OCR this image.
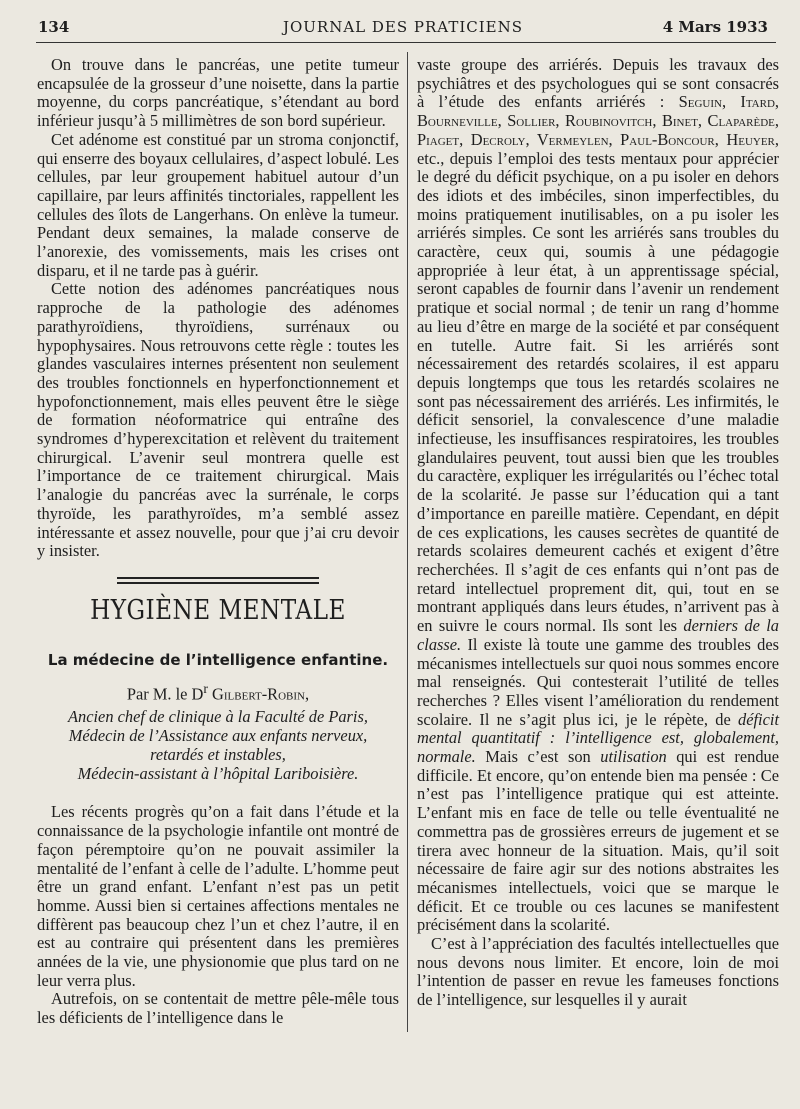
134	JOURNAL DES PRATICIENS	4 Mars 1933

On trouve dans le pancréas, une petite tumeur encapsulée de la grosseur d’une noisette, dans la partie moyenne, du corps pancréatique, s’étendant au bord inférieur jusqu’à 5 millimètres de son bord supérieur.

Cet adénome est constitué par un stroma conjonctif, qui enserre des boyaux cellulaires, d’aspect lobulé. Les cellules, par leur groupement habituel autour d’un capillaire, par leurs affinités tinctoriales, rappellent les cellules des îlots de Langerhans. On enlève la tumeur. Pendant deux semaines, la malade conserve de l’anorexie, des vomissements, mais les crises ont disparu, et il ne tarde pas à guérir.

Cette notion des adénomes pancréatiques nous rapproche de la pathologie des adénomes parathyroïdiens, thyroïdiens, surrénaux ou hypophysaires. Nous retrouvons cette règle : toutes les glandes vasculaires internes présentent non seulement des troubles fonctionnels en hyperfonctionnement et hypofonctionnement, mais elles peuvent être le siège de formation néoformatrice qui entraîne des syndromes d’hyperexcitation et relèvent du traitement chirurgical. L’avenir seul montrera quelle est l’importance de ce traitement chirurgical. Mais l’analogie du pancréas avec la surrénale, le corps thyroïde, les parathyroïdes, m’a semblé assez intéressante et assez nouvelle, pour que j’ai cru devoir y insister.

HYGIÈNE MENTALE
La médecine de l’intelligence enfantine.
Par M. le $D^r$ Gilbert-Robin,
Ancien chef de clinique à la Faculté de Paris,
Médecin de l’Assistance aux enfants nerveux,
retardés et instables,
Médecin-assistant à l’hôpital Lariboisière.

Les récents progrès qu’on a fait dans l’étude et la connaissance de la psychologie infantile ont montré de façon péremptoire qu’on ne pouvait assimiler la mentalité de l’enfant à celle de l’adulte. L’homme peut être un grand enfant. L’enfant n’est pas un petit homme. Aussi bien si certaines affections mentales ne diffèrent pas beaucoup chez l’un et chez l’autre, il en est au contraire qui présentent dans les premières années de la vie, une physionomie que plus tard on ne leur verra plus.

Autrefois, on se contentait de mettre pêle-mêle tous les déficients de l’intelligence dans le

vaste groupe des arriérés. Depuis les travaux des psychiâtres et des psychologues qui se sont consacrés à l’étude des enfants arriérés : Seguin, Itard, Bourneville, Sollier, Roubinovitch, Binet, Claparède, Piaget, Decroly, Vermeylen, Paul-Boncour, Heuyer, etc., depuis l’emploi des tests mentaux pour apprécier le degré du déficit psychique, on a pu isoler en dehors des idiots et des imbéciles, sinon imperfectibles, du moins pratiquement inutilisables, on a pu isoler les arriérés simples. Ce sont les arriérés sans troubles du caractère, ceux qui, soumis à une pédagogie appropriée à leur état, à un apprentissage spécial, seront capables de fournir dans l’avenir un rendement pratique et social normal ; de tenir un rang d’homme au lieu d’être en marge de la société et par conséquent en tutelle. Autre fait. Si les arriérés sont nécessairement des retardés scolaires, il est apparu depuis longtemps que tous les retardés scolaires ne sont pas nécessairement des arriérés. Les infirmités, le déficit sensoriel, la convalescence d’une maladie infectieuse, les insuffisances respiratoires, les troubles glandulaires peuvent, tout aussi bien que les troubles du caractère, expliquer les irrégularités ou l’échec total de la scolarité. Je passe sur l’éducation qui a tant d’importance en pareille matière. Cependant, en dépit de ces explications, les causes secrètes de quantité de retards scolaires demeurent cachés et exigent d’être recherchées. Il s’agit de ces enfants qui n’ont pas de retard intellectuel proprement dit, qui, tout en se montrant appliqués dans leurs études, n’arrivent pas à en suivre le cours normal. Ils sont les derniers de la classe. Il existe là toute une gamme des troubles des mécanismes intellectuels sur quoi nous sommes encore mal renseignés. Qui contesterait l’utilité de telles recherches ? Elles visent l’amélioration du rendement scolaire. Il ne s’agit plus ici, je le répète, de déficit mental quantitatif : l’intelligence est, globalement, normale. Mais c’est son utilisation qui est rendue difficile. Et encore, qu’on entende bien ma pensée : Ce n’est pas l’intelligence pratique qui est atteinte. L’enfant mis en face de telle ou telle éventualité ne commettra pas de grossières erreurs de jugement et se tirera avec honneur de la situation. Mais, qu’il soit nécessaire de faire agir sur des notions abstraites les mécanismes intellectuels, voici que se marque le déficit. Et ce trouble ou ces lacunes se manifestent précisément dans la scolarité.

C’est à l’appréciation des facultés intellectuelles que nous devons nous limiter. Et encore, loin de moi l’intention de passer en revue les fameuses fonctions de l’intelligence, sur lesquelles il y aurait
